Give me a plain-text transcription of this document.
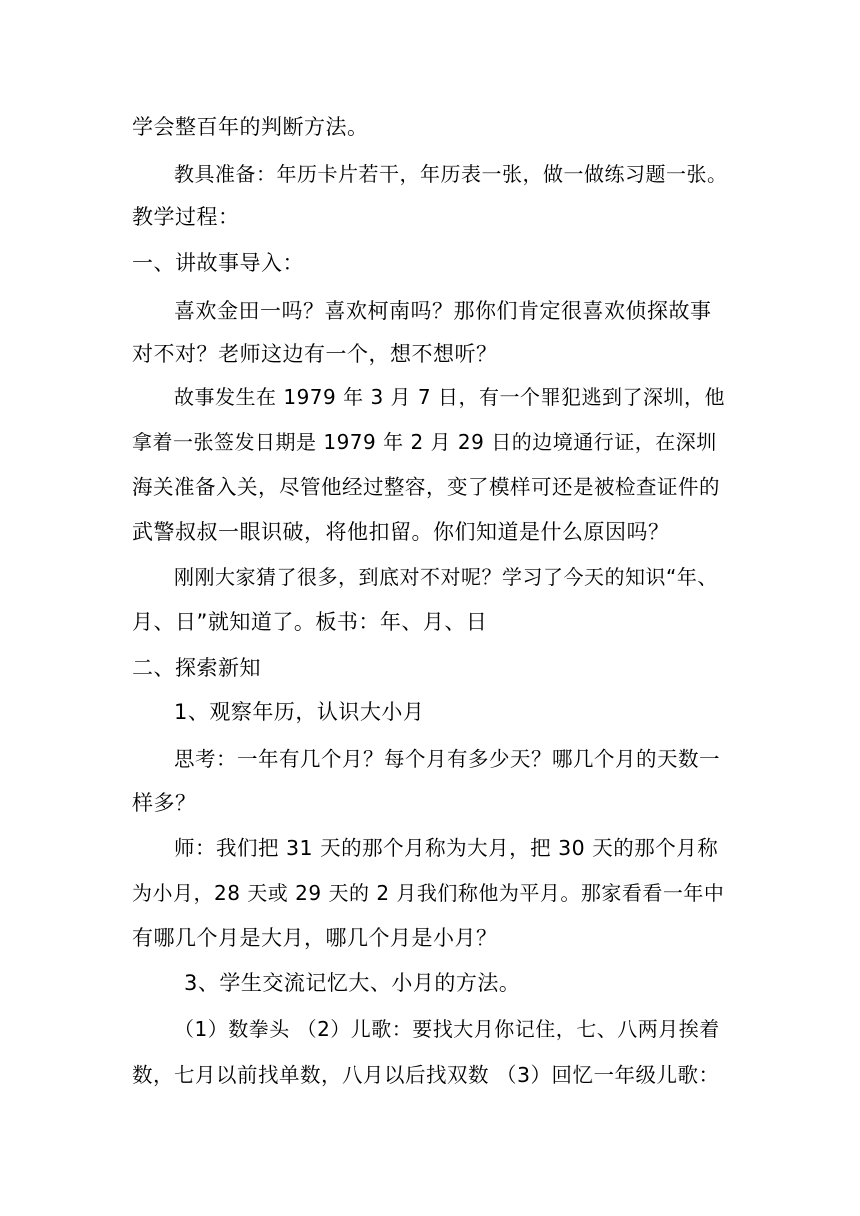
学会整百年的判断方法。
教具准备：年历卡片若干，年历表一张，做一做练习题一张。
教学过程：
一、讲故事导入：
喜欢金田一吗？喜欢柯南吗？那你们肯定很喜欢侦探故事
对不对？老师这边有一个，想不想听？
故事发生在 1979 年 3 月 7 日，有一个罪犯逃到了深圳，他
拿着一张签发日期是 1979 年 2 月 29 日的边境通行证，在深圳
海关准备入关，尽管他经过整容，变了模样可还是被检查证件的
武警叔叔一眼识破，将他扣留。你们知道是什么原因吗？
刚刚大家猜了很多，到底对不对呢？学习了今天的知识“年、
月、日”就知道了。板书：年、月、日
二、探索新知
1、观察年历，认识大小月
思考：一年有几个月？每个月有多少天？哪几个月的天数一
样多？
师：我们把 31 天的那个月称为大月，把 30 天的那个月称
为小月，28 天或 29 天的 2 月我们称他为平月。那家看看一年中
有哪几个月是大月，哪几个月是小月？
3、学生交流记忆大、小月的方法。
（1）数拳头 （2）儿歌：要找大月你记住，七、八两月挨着
数，七月以前找单数，八月以后找双数 （3）回忆一年级儿歌：
